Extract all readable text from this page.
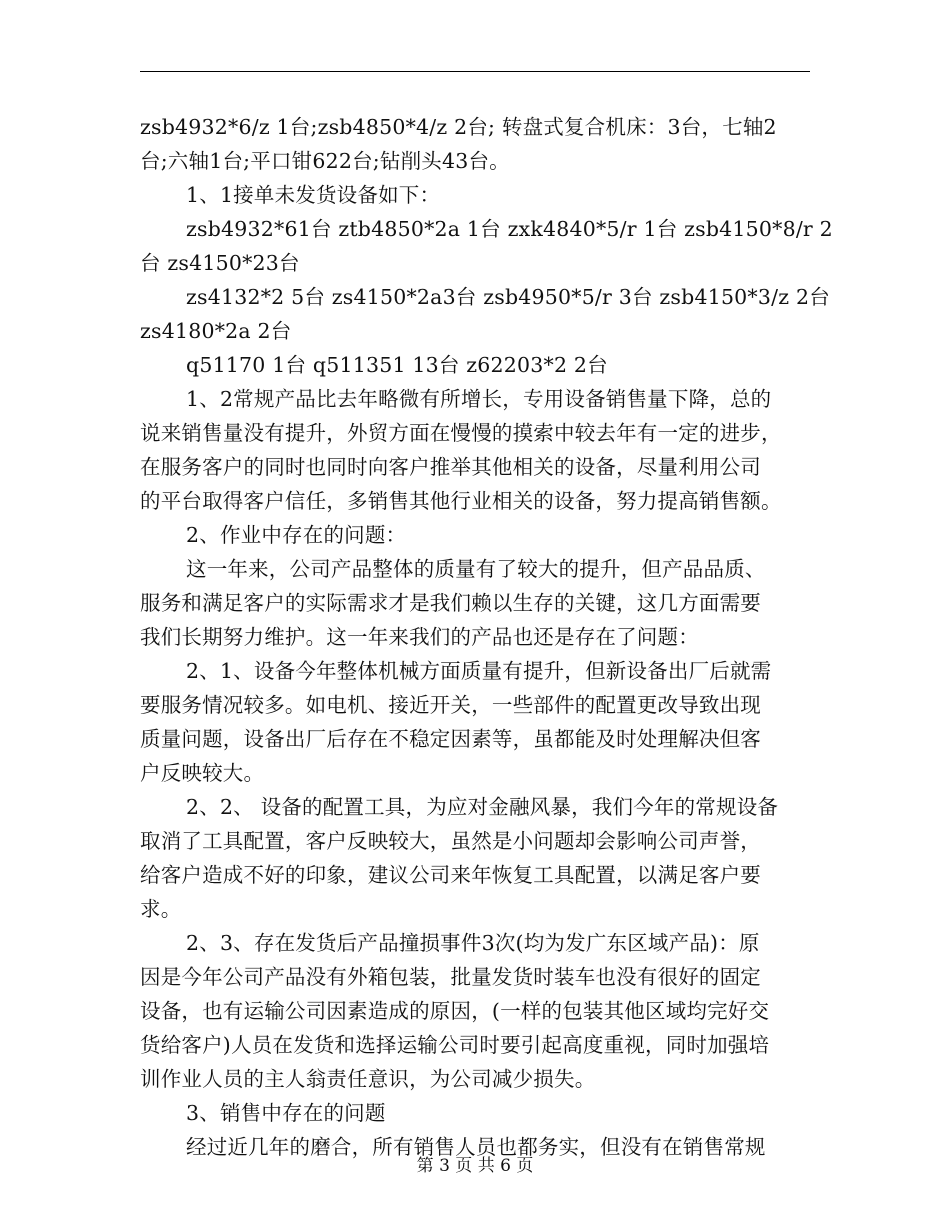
zsb4932*6/z 1台;zsb4850*4/z 2台; 转盘式复合机床：3台，七轴2
台;六轴1台;平口钳622台;钻削头43台。
1、1接单未发货设备如下：
zsb4932*61台 ztb4850*2a 1台 zxk4840*5/r 1台 zsb4150*8/r 2
台 zs4150*23台
zs4132*2 5台 zs4150*2a3台 zsb4950*5/r 3台 zsb4150*3/z 2台
zs4180*2a 2台
q51170 1台 q511351 13台 z62203*2 2台
1、2常规产品比去年略微有所增长，专用设备销售量下降，总的
说来销售量没有提升，外贸方面在慢慢的摸索中较去年有一定的进步，
在服务客户的同时也同时向客户推举其他相关的设备，尽量利用公司
的平台取得客户信任，多销售其他行业相关的设备，努力提高销售额。
2、作业中存在的问题：
这一年来，公司产品整体的质量有了较大的提升，但产品品质、
服务和满足客户的实际需求才是我们赖以生存的关键，这几方面需要
我们长期努力维护。这一年来我们的产品也还是存在了问题：
2、1、设备今年整体机械方面质量有提升，但新设备出厂后就需
要服务情况较多。如电机、接近开关，一些部件的配置更改导致出现
质量问题，设备出厂后存在不稳定因素等，虽都能及时处理解决但客
户反映较大。
2、2、 设备的配置工具，为应对金融风暴，我们今年的常规设备
取消了工具配置，客户反映较大，虽然是小问题却会影响公司声誉，
给客户造成不好的印象，建议公司来年恢复工具配置，以满足客户要
求。
2、3、存在发货后产品撞损事件3次(均为发广东区域产品)：原
因是今年公司产品没有外箱包装，批量发货时装车也没有很好的固定
设备，也有运输公司因素造成的原因，(一样的包装其他区域均完好交
货给客户)人员在发货和选择运输公司时要引起高度重视，同时加强培
训作业人员的主人翁责任意识，为公司减少损失。
3、销售中存在的问题
经过近几年的磨合，所有销售人员也都务实，但没有在销售常规
第 3 页 共 6 页
